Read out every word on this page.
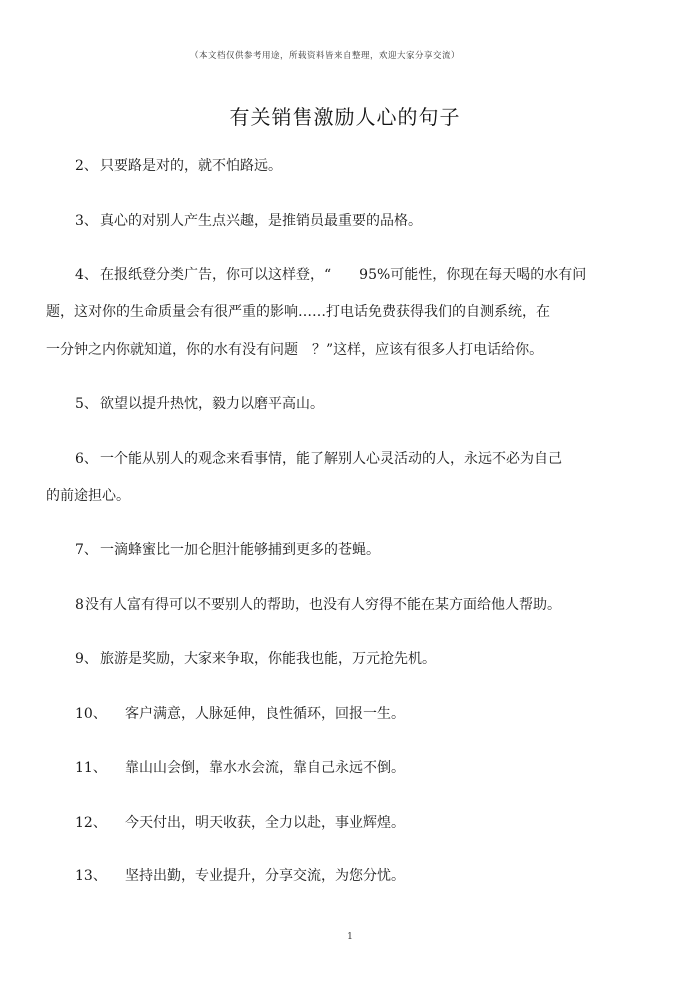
（本文档仅供参考用途，所载资料皆来自整理，欢迎大家分享交流）
有关销售激励人心的句子
2、 只要路是对的，就不怕路远。
3、 真心的对别人产生点兴趣，是推销员最重要的品格。
4、 在报纸登分类广告，你可以这样登，“　　95%可能性，你现在每天喝的水有问
题，这对你的生命质量会有很严重的影响……打电话免费获得我们的自测系统，在
一分钟之内你就知道，你的水有没有问题　？”这样，应该有很多人打电话给你。
5、 欲望以提升热忱，毅力以磨平高山。
6、 一个能从别人的观念来看事情，能了解别人心灵活动的人，永远不必为自己
的前途担心。
7、 一滴蜂蜜比一加仑胆汁能够捕到更多的苍蝇。
8没有人富有得可以不要别人的帮助，也没有人穷得不能在某方面给他人帮助。
9、 旅游是奖励，大家来争取，你能我也能，万元抢先机。
10、 客户满意，人脉延伸，良性循环，回报一生。
11、 靠山山会倒，靠水水会流，靠自己永远不倒。
12、 今天付出，明天收获，全力以赴，事业辉煌。
13、 坚持出勤，专业提升，分享交流，为您分忧。
1
